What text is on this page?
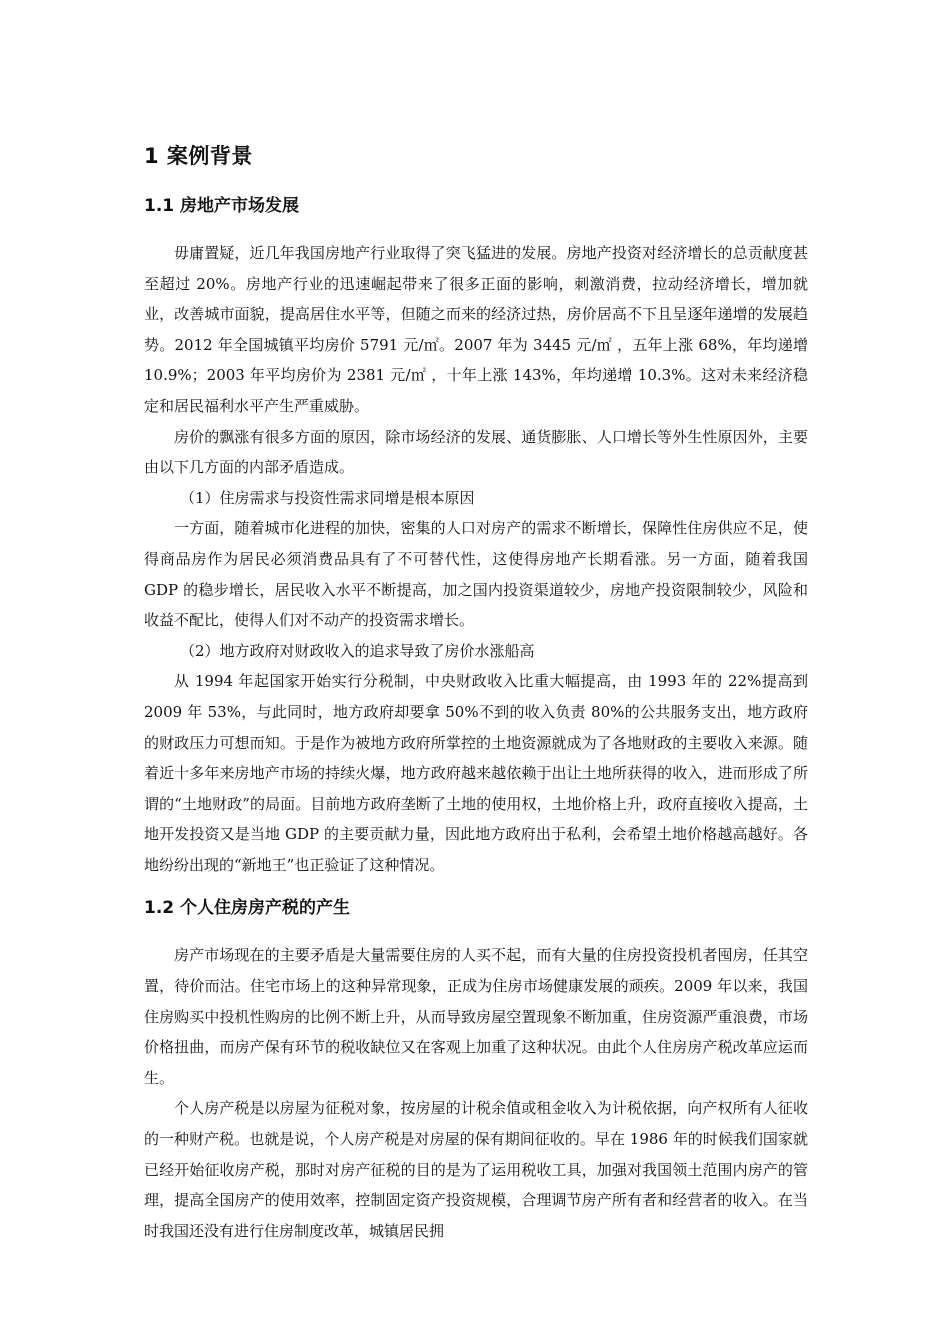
1 案例背景
1.1 房地产市场发展

毋庸置疑，近几年我国房地产行业取得了突飞猛进的发展。房地产投资对经济增长的总贡献度甚至超过 20%。房地产行业的迅速崛起带来了很多正面的影响，刺激消费，拉动经济增长，增加就业，改善城市面貌，提高居住水平等，但随之而来的经济过热，房价居高不下且呈逐年递增的发展趋势。2012 年全国城镇平均房价 5791 元/㎡。2007 年为 3445 元/㎡ ，五年上涨 68%，年均递增 10.9%；2003 年平均房价为 2381 元/㎡ ，十年上涨 143%，年均递增 10.3%。这对未来经济稳定和居民福利水平产生严重威胁。

房价的飘涨有很多方面的原因，除市场经济的发展、通货膨胀、人口增长等外生性原因外，主要由以下几方面的内部矛盾造成。

（1）住房需求与投资性需求同增是根本原因

一方面，随着城市化进程的加快，密集的人口对房产的需求不断增长，保障性住房供应不足，使得商品房作为居民必须消费品具有了不可替代性，这使得房地产长期看涨。另一方面，随着我国 GDP 的稳步增长，居民收入水平不断提高，加之国内投资渠道较少，房地产投资限制较少，风险和收益不配比，使得人们对不动产的投资需求增长。

（2）地方政府对财政收入的追求导致了房价水涨船高

从 1994 年起国家开始实行分税制，中央财政收入比重大幅提高，由 1993 年的 22%提高到 2009 年 53%，与此同时，地方政府却要拿 50%不到的收入负责 80%的公共服务支出，地方政府的财政压力可想而知。于是作为被地方政府所掌控的土地资源就成为了各地财政的主要收入来源。随着近十多年来房地产市场的持续火爆，地方政府越来越依赖于出让土地所获得的收入，进而形成了所谓的“土地财政”的局面。目前地方政府垄断了土地的使用权，土地价格上升，政府直接收入提高，土地开发投资又是当地 GDP 的主要贡献力量，因此地方政府出于私利，会希望土地价格越高越好。各地纷纷出现的“新地王”也正验证了这种情况。

1.2 个人住房房产税的产生

房产市场现在的主要矛盾是大量需要住房的人买不起，而有大量的住房投资投机者囤房，任其空置，待价而沽。住宅市场上的这种异常现象，正成为住房市场健康发展的顽疾。2009 年以来，我国住房购买中投机性购房的比例不断上升，从而导致房屋空置现象不断加重，住房资源严重浪费，市场价格扭曲，而房产保有环节的税收缺位又在客观上加重了这种状况。由此个人住房房产税改革应运而生。

个人房产税是以房屋为征税对象，按房屋的计税余值或租金收入为计税依据，向产权所有人征收的一种财产税。也就是说，个人房产税是对房屋的保有期间征收的。早在 1986 年的时候我们国家就已经开始征收房产税，那时对房产征税的目的是为了运用税收工具，加强对我国领土范围内房产的管理，提高全国房产的使用效率，控制固定资产投资规模，合理调节房产所有者和经营者的收入。在当时我国还没有进行住房制度改革，城镇居民拥
